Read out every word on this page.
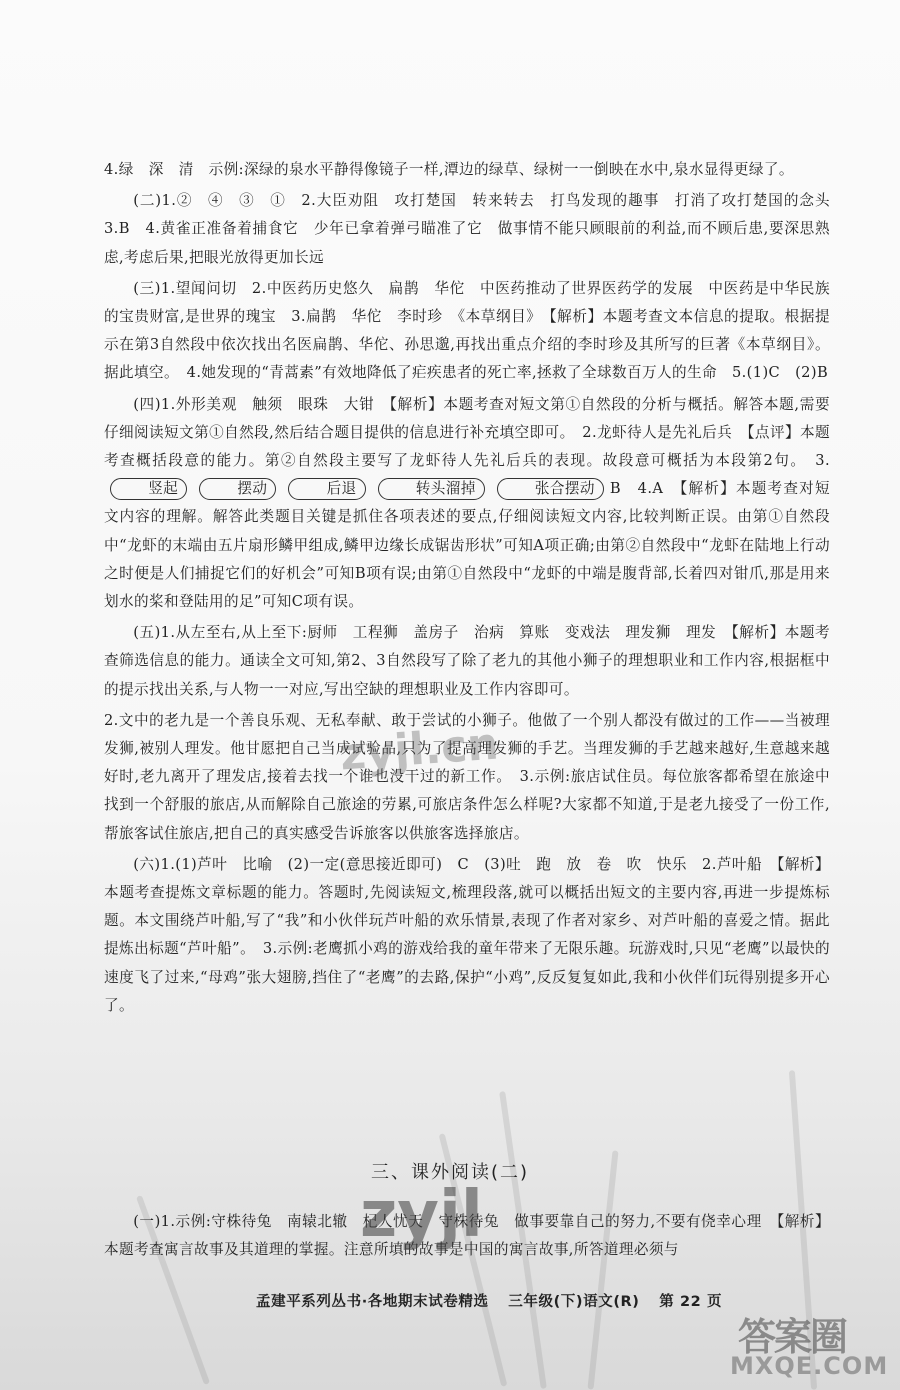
4.绿　深　清　示例:深绿的泉水平静得像镜子一样,潭边的绿草、绿树一一倒映在水中,泉水显得更绿了。

(二)1.②　④　③　①　2.大臣劝阻　攻打楚国　转来转去　打鸟发现的趣事　打消了攻打楚国的念头　3.B　4.黄雀正准备着捕食它　少年已拿着弹弓瞄准了它　做事情不能只顾眼前的利益,而不顾后患,要深思熟虑,考虑后果,把眼光放得更加长远

(三)1.望闻问切　2.中医药历史悠久　扁鹊　华佗　中医药推动了世界医药学的发展　中医药是中华民族的宝贵财富,是世界的瑰宝　3.扁鹊　华佗　李时珍　《本草纲目》　【解析】本题考查文本信息的提取。根据提示在第3自然段中依次找出名医扁鹊、华佗、孙思邈,再找出重点介绍的李时珍及其所写的巨著《本草纲目》。据此填空。　4.她发现的“青蒿素”有效地降低了疟疾患者的死亡率,拯救了全球数百万人的生命　5.(1)C　(2)B

(四)1.外形美观　触须　眼珠　大钳　【解析】本题考查对短文第①自然段的分析与概括。解答本题,需要仔细阅读短文第①自然段,然后结合题目提供的信息进行补充填空即可。　2.龙虾待人是先礼后兵　【点评】本题考查概括段意的能力。第②自然段主要写了龙虾待人先礼后兵的表现。故段意可概括为本段第2句。　3.竖起	摆动	后退	转头溜掉	张合摆动 B　4.A　【解析】本题考查对短文内容的理解。解答此类题目关键是抓住各项表述的要点,仔细阅读短文内容,比较判断正误。由第①自然段中“龙虾的末端由五片扇形鳞甲组成,鳞甲边缘长成锯齿形状”可知A项正确;由第②自然段中“龙虾在陆地上行动之时便是人们捕捉它们的好机会”可知B项有误;由第①自然段中“龙虾的中端是腹背部,长着四对钳爪,那是用来划水的桨和登陆用的足”可知C项有误。

(五)1.从左至右,从上至下:厨师　工程狮　盖房子　治病　算账　变戏法　理发狮　理发　【解析】本题考查筛选信息的能力。通读全文可知,第2、3自然段写了除了老九的其他小狮子的理想职业和工作内容,根据框中的提示找出关系,与人物一一对应,写出空缺的理想职业及工作内容即可。

2.文中的老九是一个善良乐观、无私奉献、敢于尝试的小狮子。他做了一个别人都没有做过的工作——当被理发狮,被别人理发。他甘愿把自己当成试验品,只为了提高理发狮的手艺。当理发狮的手艺越来越好,生意越来越好时,老九离开了理发店,接着去找一个谁也没干过的新工作。　3.示例:旅店试住员。每位旅客都希望在旅途中找到一个舒服的旅店,从而解除自己旅途的劳累,可旅店条件怎么样呢?大家都不知道,于是老九接受了一份工作,帮旅客试住旅店,把自己的真实感受告诉旅客以供旅客选择旅店。

(六)1.(1)芦叶　比喻　(2)一定(意思接近即可)　C　(3)吐　跑　放　卷　吹　快乐　2.芦叶船　【解析】本题考查提炼文章标题的能力。答题时,先阅读短文,梳理段落,就可以概括出短文的主要内容,再进一步提炼标题。本文围绕芦叶船,写了“我”和小伙伴玩芦叶船的欢乐情景,表现了作者对家乡、对芦叶船的喜爱之情。据此提炼出标题“芦叶船”。　3.示例:老鹰抓小鸡的游戏给我的童年带来了无限乐趣。玩游戏时,只见“老鹰”以最快的速度飞了过来,“母鸡”张大翅膀,挡住了“老鹰”的去路,保护“小鸡”,反反复复如此,我和小伙伴们玩得别提多开心了。

三、课外阅读(二)

(一)1.示例:守株待兔　南辕北辙　杞人忧天　守株待兔　做事要靠自己的努力,不要有侥幸心理　【解析】本题考查寓言故事及其道理的掌握。注意所填的故事是中国的寓言故事,所答道理必须与

孟建平系列丛书·各地期末试卷精选 三年级(下)语文(R) 第 22 页
zyjl.cn
zyjl
答案圈
MXQE.COM
